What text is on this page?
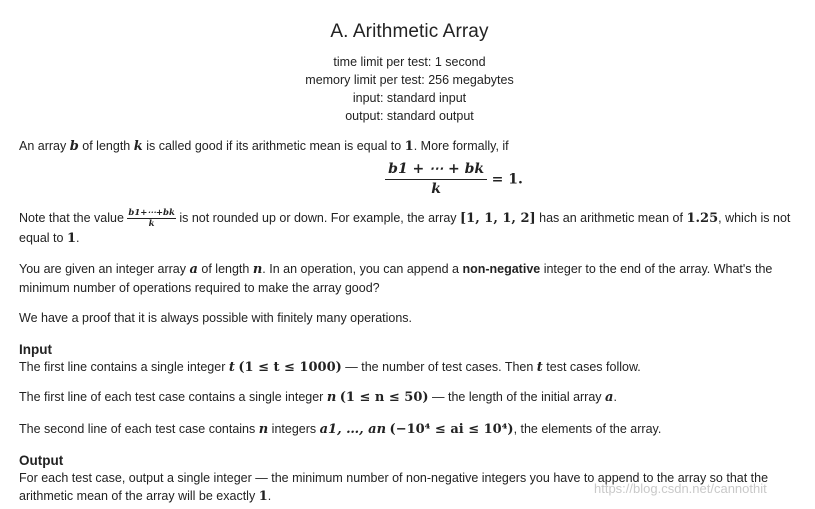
A. Arithmetic Array
time limit per test: 1 second
memory limit per test: 256 megabytes
input: standard input
output: standard output

An array b of length k is called good if its arithmetic mean is equal to 1. More formally, if

$\frac{b1 + \cdots + bk}{k} = 1$.

Note that the value $\frac{b1+\cdots+bk}{k}$ is not rounded up or down. For example, the array [1, 1, 1, 2] has an arithmetic mean of 1.25, which is not equal to 1.

You are given an integer array a of length n. In an operation, you can append a non-negative integer to the end of the array. What's the minimum number of operations required to make the array good?

We have a proof that it is always possible with finitely many operations.

Input

The first line contains a single integer t (1 ≤ t ≤ 1000) — the number of test cases. Then t test cases follow.

The first line of each test case contains a single integer n (1 ≤ n ≤ 50) — the length of the initial array a.

The second line of each test case contains n integers a1, …, an (−10⁴ ≤ ai ≤ 10⁴), the elements of the array.

Output

For each test case, output a single integer — the minimum number of non-negative integers you have to append to the array so that the arithmetic mean of the array will be exactly 1.	https://blog.csdn.net/cannothit
